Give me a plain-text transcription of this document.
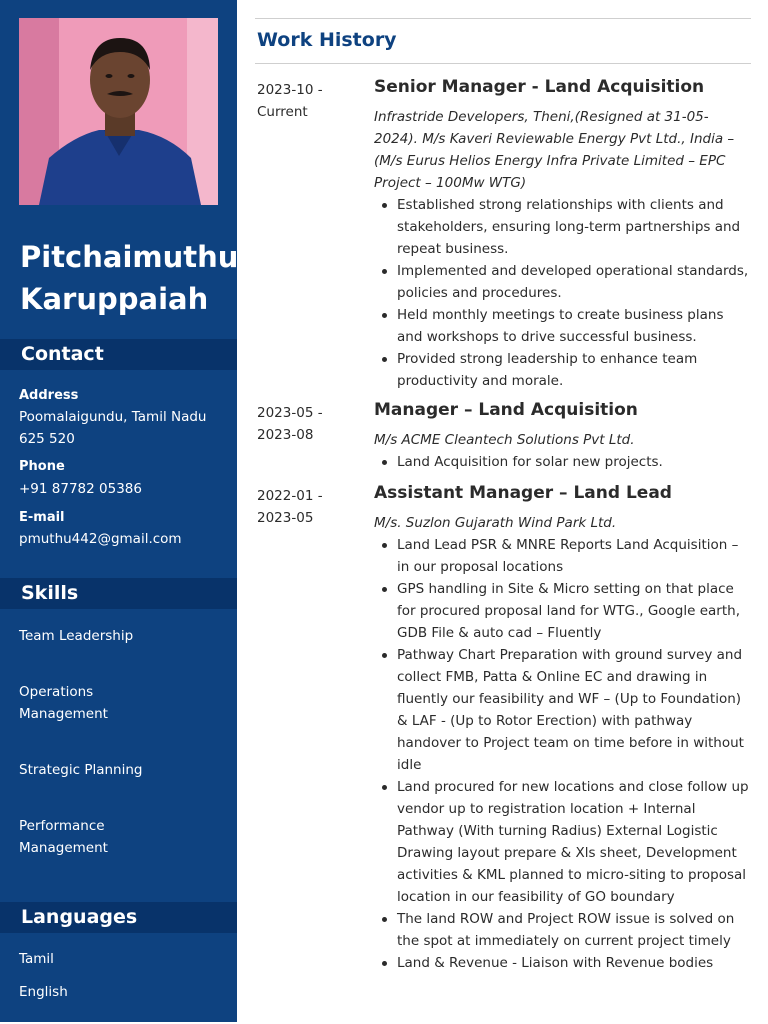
Pitchaimuthu
Karuppaiah
Contact
Address
Poomalaigundu, Tamil Nadu 625 520
Phone
+91 87782 05386
E-mail
pmuthu442@gmail.com
Skills
Team Leadership
Operations Management
Strategic Planning
Performance Management
Languages
Tamil
English
Work History
2023-10 - Current
Senior Manager - Land Acquisition
Infrastride Developers, Theni,(Resigned at 31-05-2024). M/s Kaveri Reviewable Energy Pvt Ltd., India – (M/s Eurus Helios Energy Infra Private Limited – EPC Project – 100Mw WTG)
Established strong relationships with clients and stakeholders, ensuring long-term partnerships and repeat business.
Implemented and developed operational standards, policies and procedures.
Held monthly meetings to create business plans and workshops to drive successful business.
Provided strong leadership to enhance team productivity and morale.
2023-05 - 2023-08
Manager – Land Acquisition
M/s ACME Cleantech Solutions Pvt Ltd.
Land Acquisition for solar new projects.
2022-01 - 2023-05
Assistant Manager – Land Lead
M/s. Suzlon Gujarath Wind Park Ltd.
Land Lead PSR & MNRE Reports Land Acquisition – in our proposal locations
GPS handling in Site & Micro setting on that place for procured proposal land for WTG., Google earth, GDB File & auto cad – Fluently
Pathway Chart Preparation with ground survey and collect FMB, Patta & Online EC and drawing in fluently our feasibility and WF – (Up to Foundation) & LAF - (Up to Rotor Erection) with pathway handover to Project team on time before in without idle
Land procured for new locations and close follow up vendor up to registration location + Internal Pathway (With turning Radius) External Logistic Drawing layout prepare & Xls sheet, Development activities & KML planned to micro-siting to proposal location in our feasibility of GO boundary
The land ROW and Project ROW issue is solved on the spot at immediately on current project timely
Land & Revenue - Liaison with Revenue bodies
